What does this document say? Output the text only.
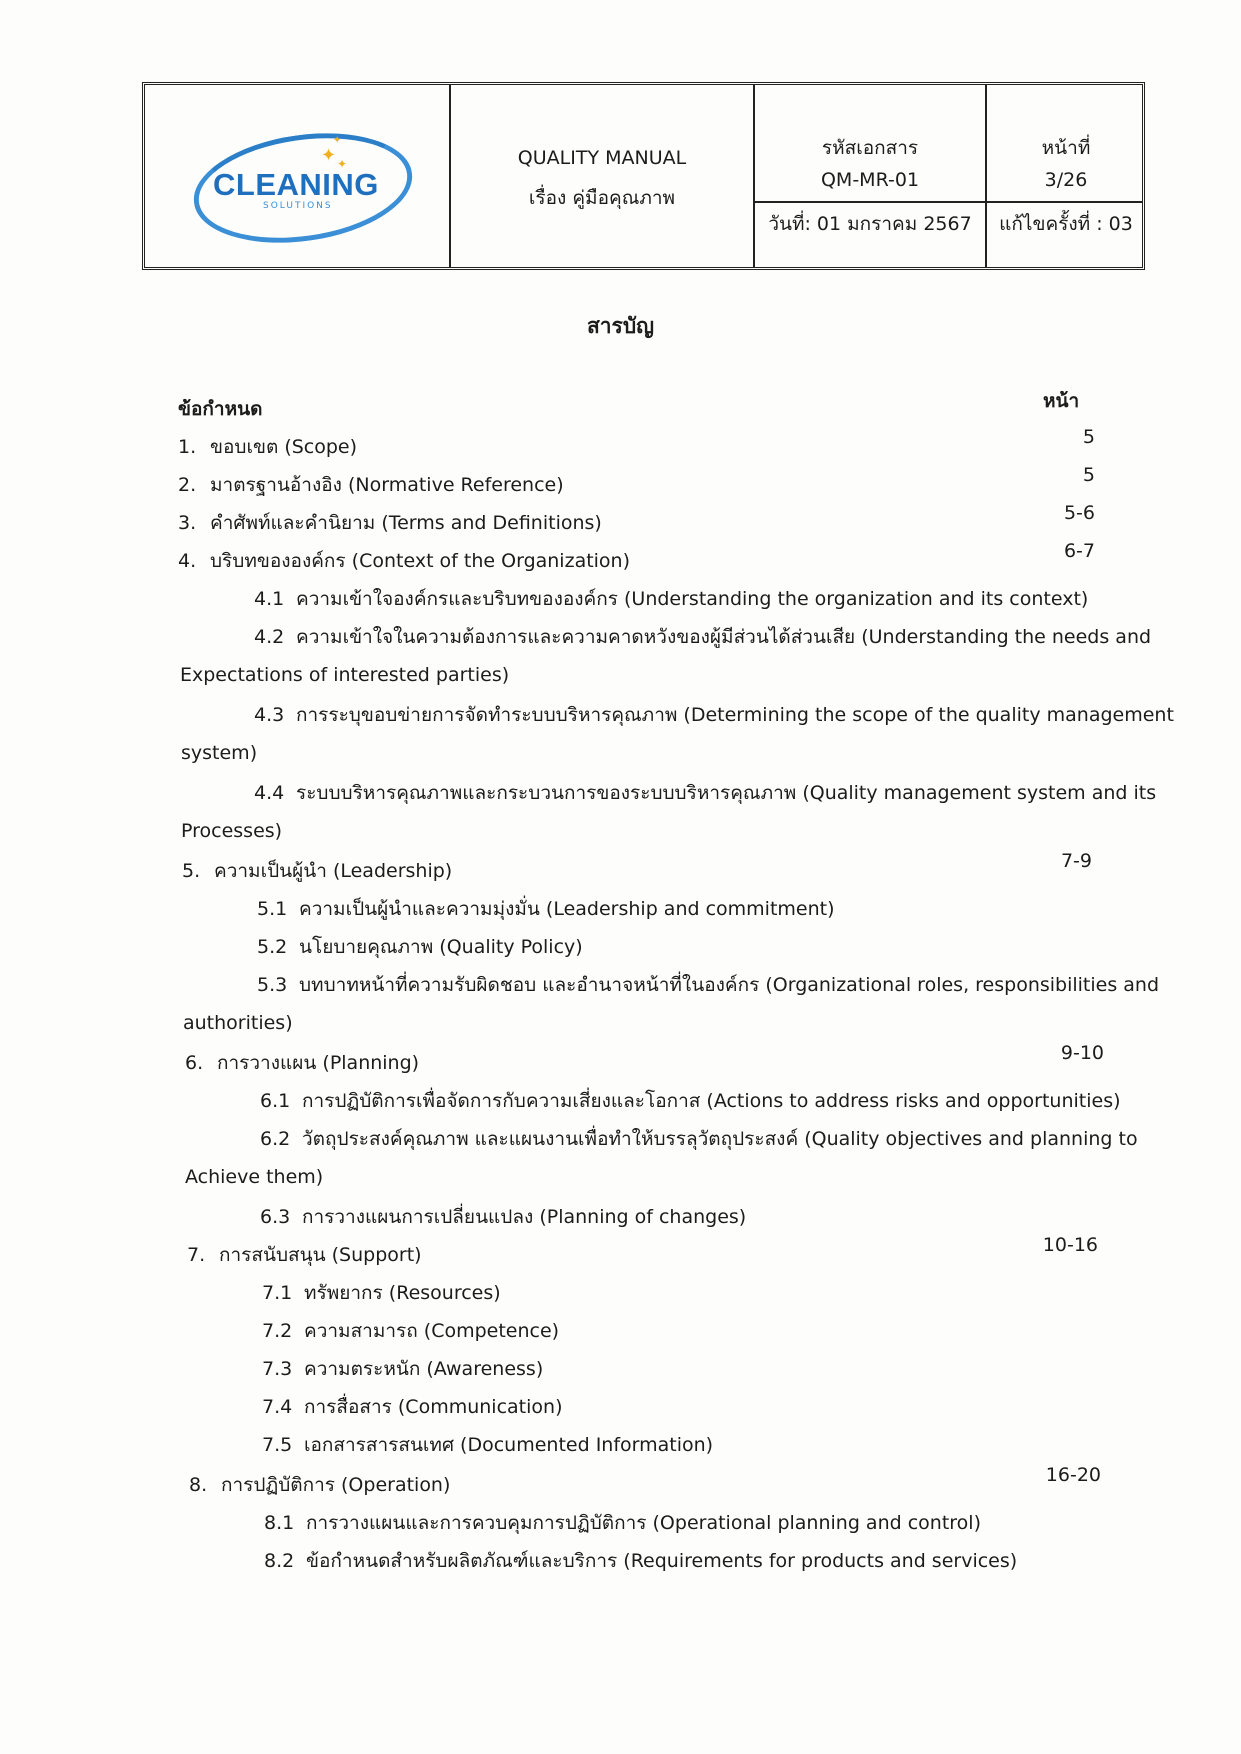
CLEANING
SOLUTIONS
✦ ✦
✦
QUALITY MANUAL
เรื่อง คู่มือคุณภาพ
รหัสเอกสาร
QM-MR-01
วันที่: 01 มกราคม 2567
หน้าที่
3/26
แก้ไขครั้งที่ : 03
สารบัญ
ข้อกำหนด	หน้า
1. ขอบเขต (Scope)	5
2. มาตรฐานอ้างอิง (Normative Reference)	5
3. คำศัพท์และคำนิยาม (Terms and Definitions)	5-6
4. บริบทขององค์กร (Context of the Organization)	6-7
4.1 ความเข้าใจองค์กรและบริบทขององค์กร (Understanding the organization and its context)
4.2 ความเข้าใจในความต้องการและความคาดหวังของผู้มีส่วนได้ส่วนเสีย (Understanding the needs and
Expectations of interested parties)
4.3 การระบุขอบข่ายการจัดทำระบบบริหารคุณภาพ (Determining the scope of the quality management
system)
4.4 ระบบบริหารคุณภาพและกระบวนการของระบบบริหารคุณภาพ (Quality management system and its
Processes)
5. ความเป็นผู้นำ (Leadership)	7-9
5.1 ความเป็นผู้นำและความมุ่งมั่น (Leadership and commitment)
5.2 นโยบายคุณภาพ (Quality Policy)
5.3 บทบาทหน้าที่ความรับผิดชอบ และอำนาจหน้าที่ในองค์กร (Organizational roles, responsibilities and
authorities)
6. การวางแผน (Planning)	9-10
6.1 การปฏิบัติการเพื่อจัดการกับความเสี่ยงและโอกาส (Actions to address risks and opportunities)
6.2 วัตถุประสงค์คุณภาพ และแผนงานเพื่อทำให้บรรลุวัตถุประสงค์ (Quality objectives and planning to
Achieve them)
6.3 การวางแผนการเปลี่ยนแปลง (Planning of changes)
7. การสนับสนุน (Support)	10-16
7.1 ทรัพยากร (Resources)
7.2 ความสามารถ (Competence)
7.3 ความตระหนัก (Awareness)
7.4 การสื่อสาร (Communication)
7.5 เอกสารสารสนเทศ (Documented Information)
8. การปฏิบัติการ (Operation)	16-20
8.1 การวางแผนและการควบคุมการปฏิบัติการ (Operational planning and control)
8.2 ข้อกำหนดสำหรับผลิตภัณฑ์และบริการ (Requirements for products and services)
